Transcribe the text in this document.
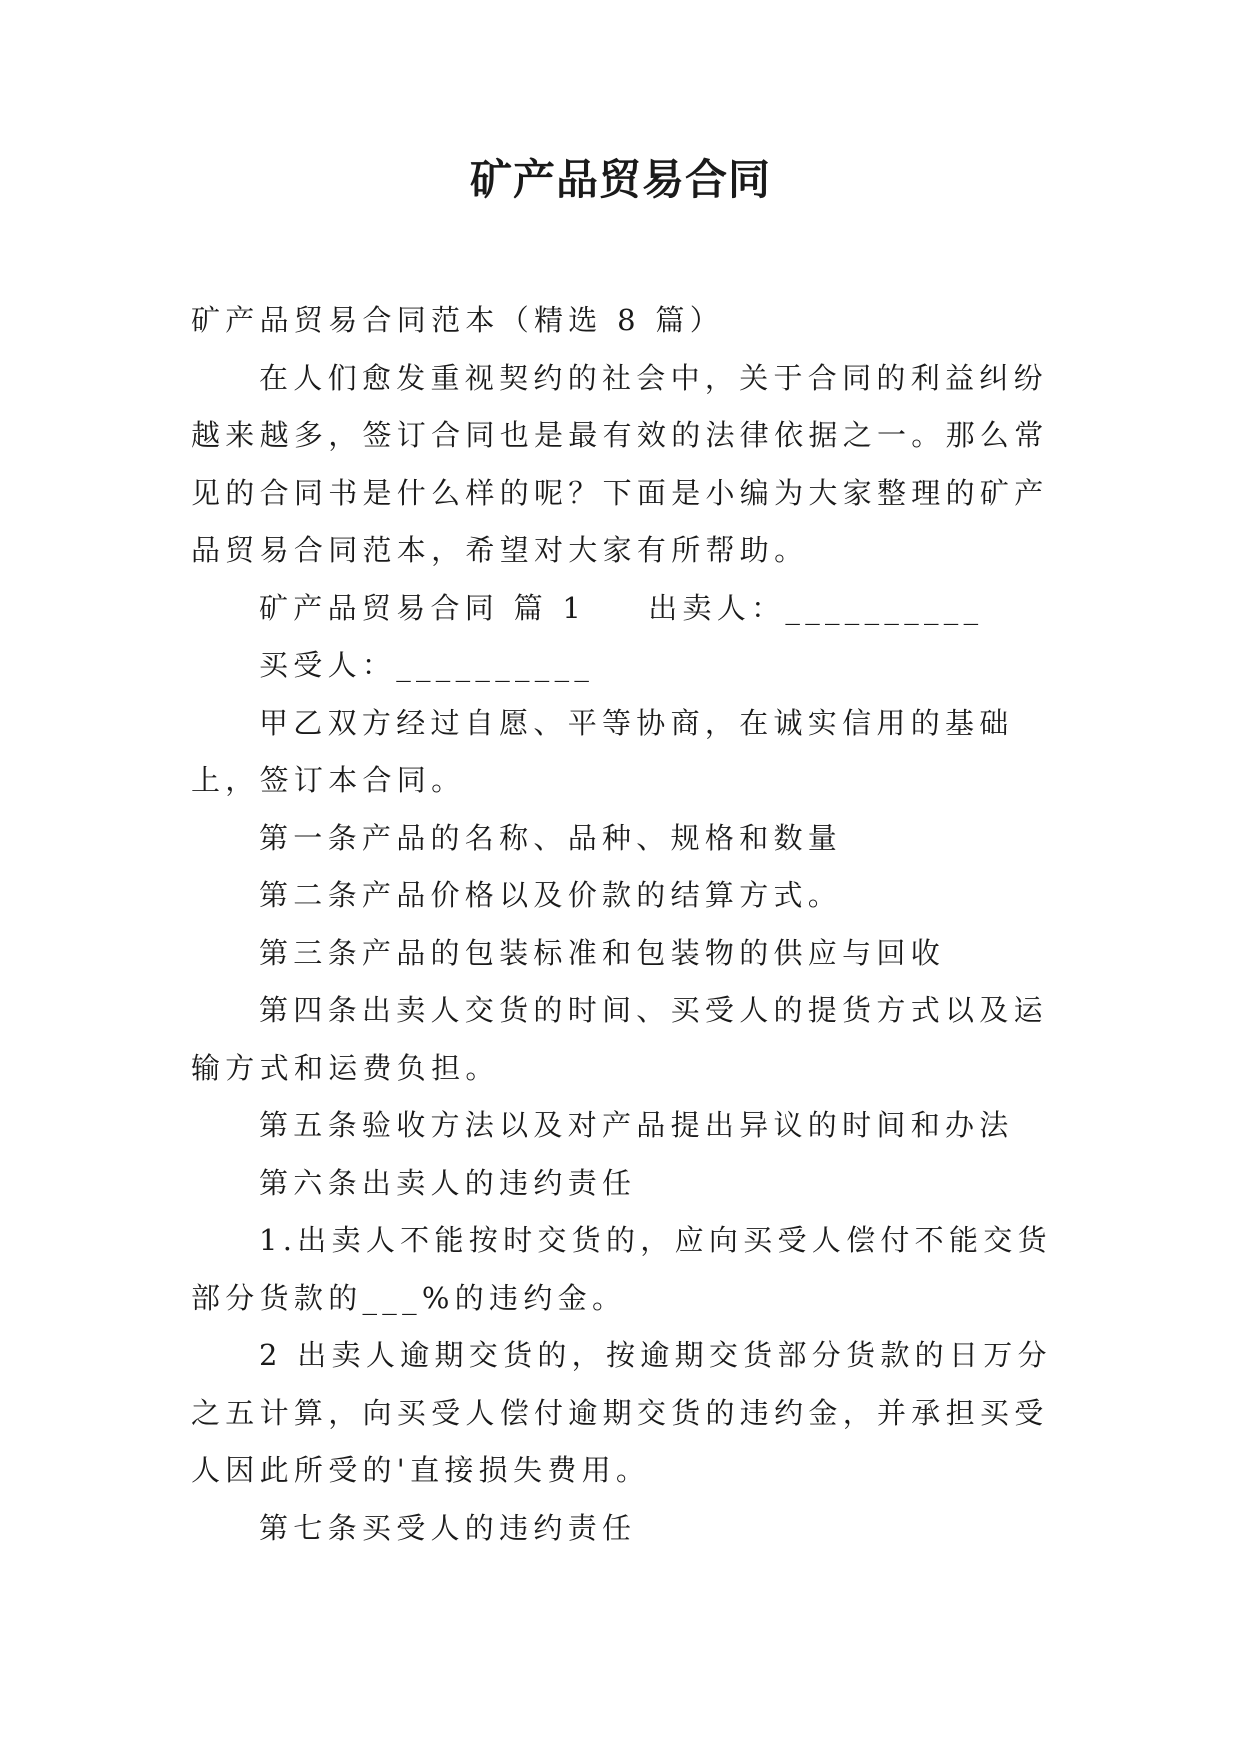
矿产品贸易合同

矿产品贸易合同范本（精选 8 篇）

在人们愈发重视契约的社会中，关于合同的利益纠纷越来越多，签订合同也是最有效的法律依据之一。那么常见的合同书是什么样的呢？下面是小编为大家整理的矿产品贸易合同范本，希望对大家有所帮助。

矿产品贸易合同 篇 1 出卖人：__________

买受人：__________

甲乙双方经过自愿、平等协商，在诚实信用的基础上，签订本合同。

第一条产品的名称、品种、规格和数量

第二条产品价格以及价款的结算方式。

第三条产品的包装标准和包装物的供应与回收

第四条出卖人交货的时间、买受人的提货方式以及运输方式和运费负担。

第五条验收方法以及对产品提出异议的时间和办法

第六条出卖人的违约责任

1.出卖人不能按时交货的，应向买受人偿付不能交货部分货款的___%的违约金。

2 出卖人逾期交货的，按逾期交货部分货款的日万分之五计算，向买受人偿付逾期交货的违约金，并承担买受人因此所受的'直接损失费用。

第七条买受人的违约责任
